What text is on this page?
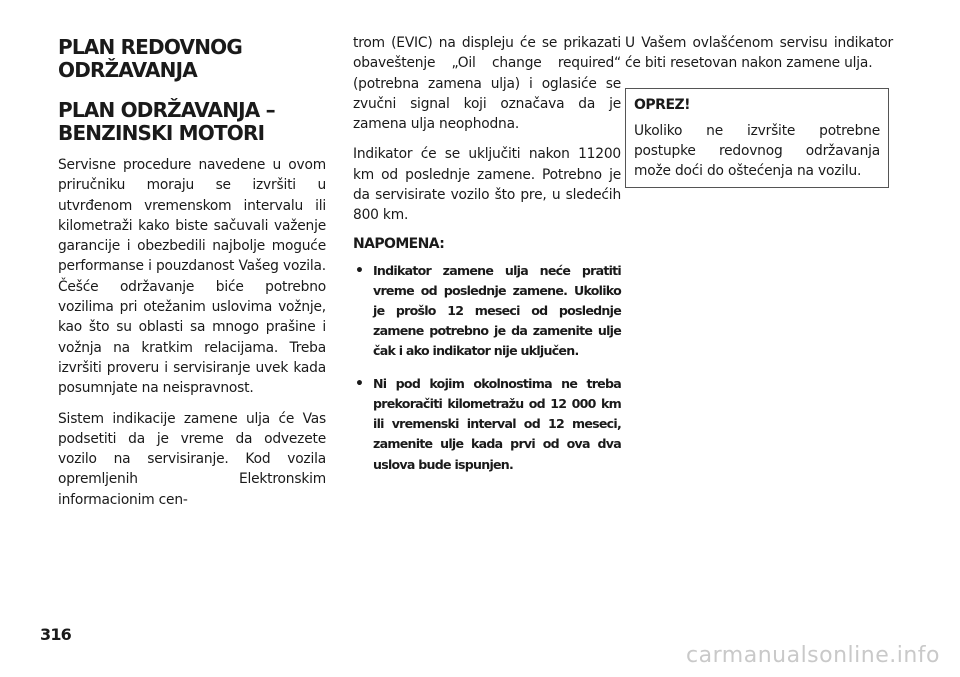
PLAN REDOVNOG
ODRŽAVANJA
PLAN ODRŽAVANJA –
BENZINSKI MOTORI

Servisne procedure navedene u ovom priručniku moraju se izvršiti u utvrđenom vremenskom intervalu ili kilometraži kako biste sačuvali važenje garancije i obezbedili najbolje moguće performanse i pouzdanost Vašeg vozila. Češće održavanje biće potrebno vozilima pri otežanim uslovima vožnje, kao što su oblasti sa mnogo prašine i vožnja na kratkim relacijama. Treba izvršiti proveru i servisiranje uvek kada posumnjate na neispravnost.

Sistem indikacije zamene ulja će Vas podsetiti da je vreme da odvezete vozilo na servisiranje. Kod vozila opremljenih Elektronskim informacionim cen-

trom (EVIC) na displeju će se prikazati obaveštenje „Oil change required“ (potrebna zamena ulja) i oglasiće se zvučni signal koji označava da je zamena ulja neophodna.

Indikator će se uključiti nakon 11200 km od poslednje zamene. Potrebno je da servisirate vozilo što pre, u sledećih 800 km.

NAPOMENA:
• Indikator zamene ulja neće pratiti vreme od poslednje zamene. Ukoliko je prošlo 12 meseci od poslednje zamene potrebno je da zamenite ulje čak i ako indikator nije uključen.
• Ni pod kojim okolnostima ne treba prekoračiti kilometražu od 12 000 km ili vremenski interval od 12 meseci, zamenite ulje kada prvi od ova dva uslova bude ispunjen.

U Vašem ovlašćenom servisu indikator će biti resetovan nakon zamene ulja.

OPREZ!

Ukoliko ne izvršite potrebne postupke redovnog održavanja može doći do oštećenja na vozilu.

316
carmanualsonline.info
